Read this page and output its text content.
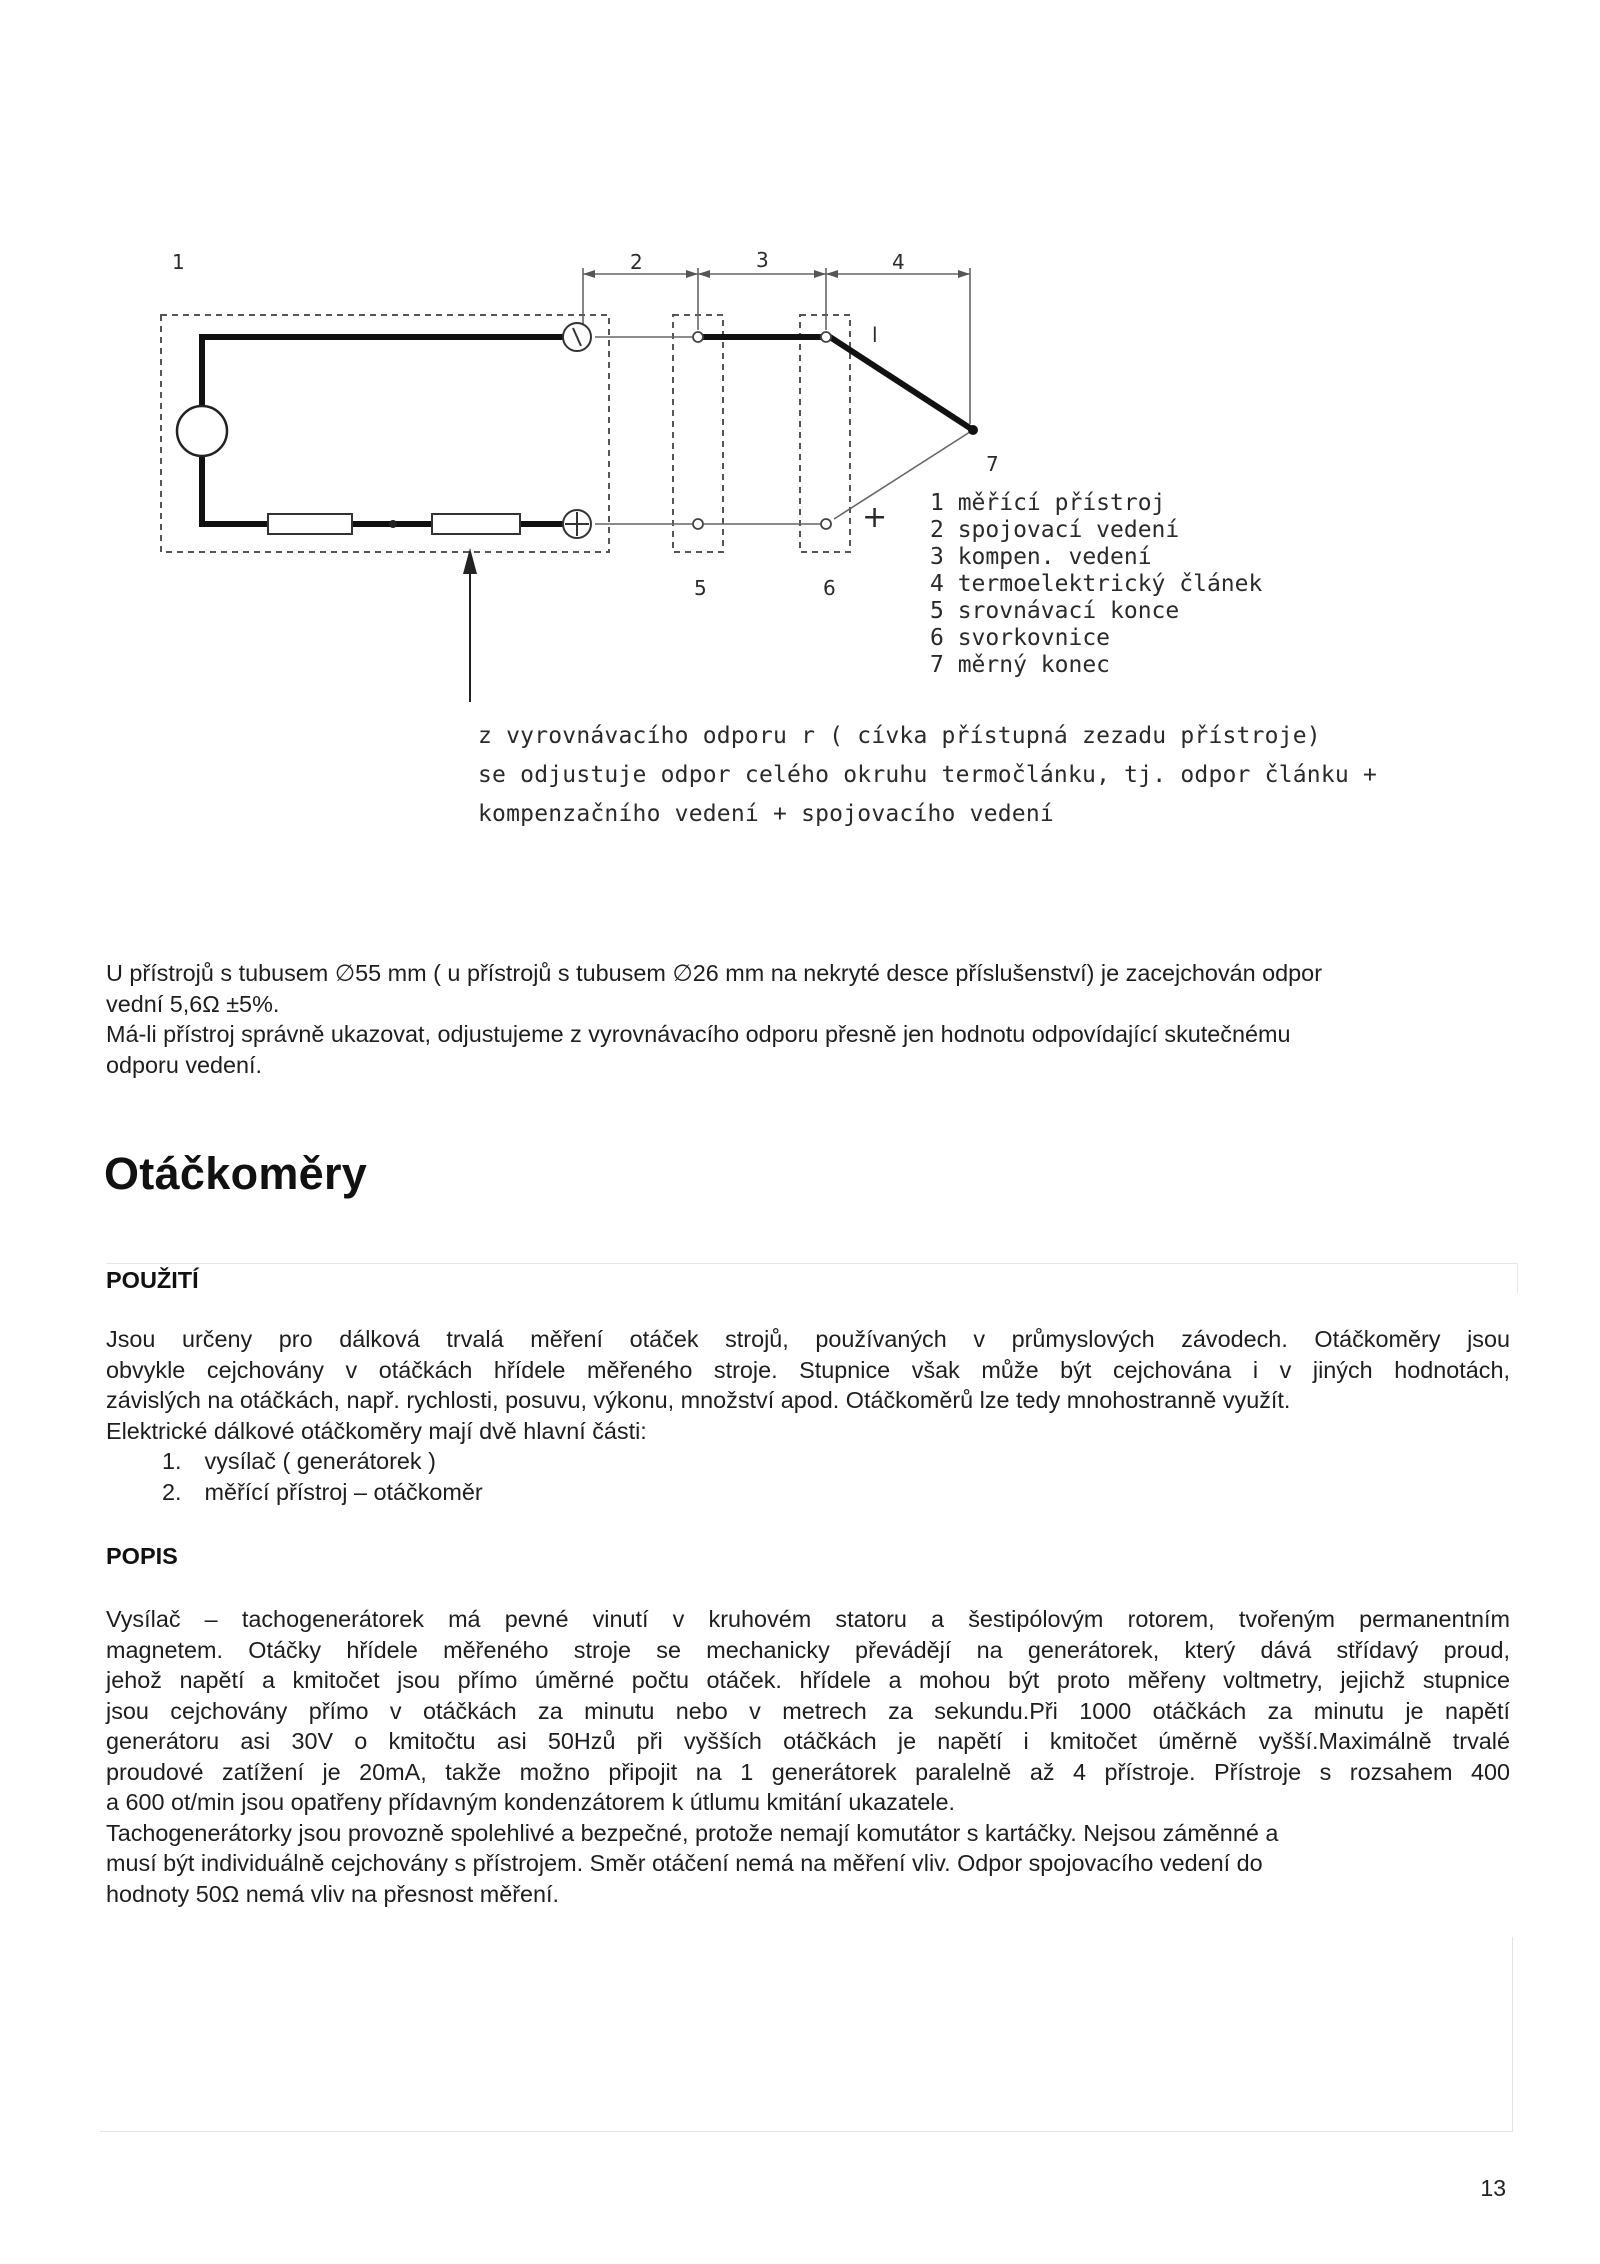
1	2	3	4
l
7
5	6
+ 1 měřící přístroj
2 spojovací vedení
3 kompen. vedení
4 termoelektrický článek
5 srovnávací konce
6 svorkovnice
7 měrný konec
z vyrovnávacího odporu r ( cívka přístupná zezadu přístroje)
se odjustuje odpor celého okruhu termočlánku, tj. odpor článku +
kompenzačního vedení + spojovacího vedení

U přístrojů s tubusem ∅55 mm ( u přístrojů s tubusem ∅26 mm na nekryté desce příslušenství) je zacejchován odpor
vední 5,6Ω ±5%.
Má-li přístroj správně ukazovat, odjustujeme z vyrovnávacího odporu přesně jen hodnotu odpovídající skutečnému
odporu vedení.

Otáčkoměry
POUŽITÍ

Jsou určeny pro dálková trvalá měření otáček strojů, používaných v průmyslových závodech. Otáčkoměry jsou
obvykle cejchovány v otáčkách hřídele měřeného stroje. Stupnice však může být cejchována i v jiných hodnotách,
závislých na otáčkách, např. rychlosti, posuvu, výkonu, množství apod. Otáčkoměrů lze tedy mnohostranně využít.
Elektrické dálkové otáčkoměry mají dvě hlavní části:

1. vysílač ( generátorek )
2. měřící přístroj – otáčkoměr
POPIS

Vysílač – tachogenerátorek má pevné vinutí v kruhovém statoru a šestipólovým rotorem, tvořeným permanentním
magnetem. Otáčky hřídele měřeného stroje se mechanicky převádějí na generátorek, který dává střídavý proud,
jehož napětí a kmitočet jsou přímo úměrné počtu otáček. hřídele a mohou být proto měřeny voltmetry, jejichž stupnice
jsou cejchovány přímo v otáčkách za minutu nebo v metrech za sekundu.Při 1000 otáčkách za minutu je napětí
generátoru asi 30V o kmitočtu asi 50Hzů při vyšších otáčkách je napětí i kmitočet úměrně vyšší.Maximálně trvalé
proudové zatížení je 20mA, takže možno připojit na 1 generátorek paralelně až 4 přístroje. Přístroje s rozsahem 400
a 600 ot/min jsou opatřeny přídavným kondenzátorem k útlumu kmitání ukazatele.
Tachogenerátorky jsou provozně spolehlivé a bezpečné, protože nemají komutátor s kartáčky. Nejsou záměnné a
musí být individuálně cejchovány s přístrojem. Směr otáčení nemá na měření vliv. Odpor spojovacího vedení do
hodnoty 50Ω nemá vliv na přesnost měření.

13
